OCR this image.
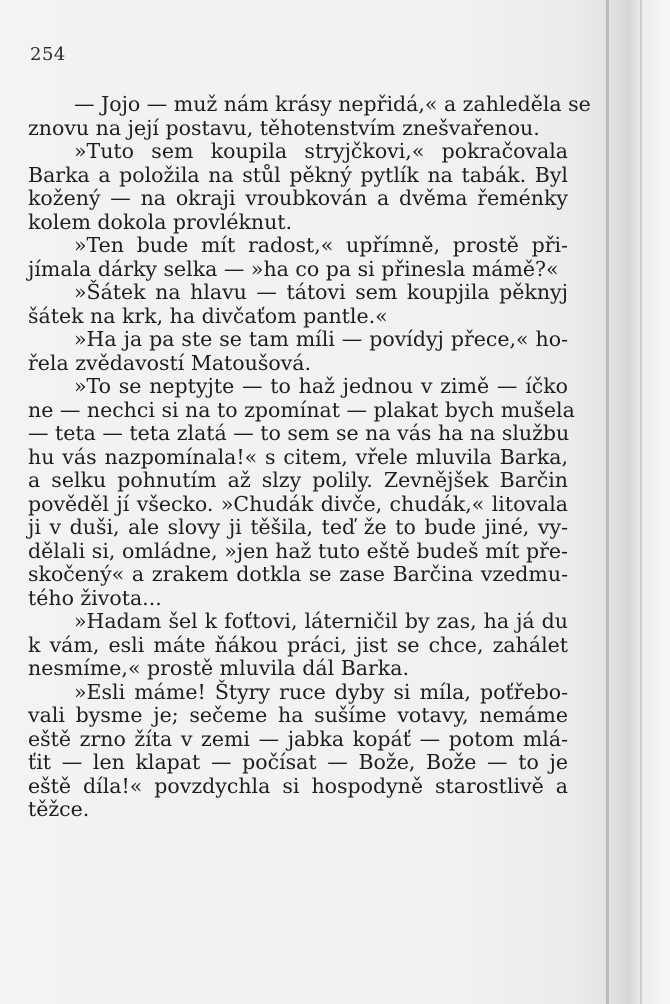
254
— Jojo — muž nám krásy nepřidá,« a zahleděla se
znovu na její postavu, těhotenstvím znešvařenou.
»Tuto sem koupila stryjčkovi,« pokračovala
Barka a položila na stůl pěkný pytlík na tabák. Byl
kožený — na okraji vroubkován a dvěma řeménky
kolem dokola provléknut.
»Ten bude mít radost,« upřímně, prostě při-
jímala dárky selka — »ha co pa si přinesla mámě?«
»Šátek na hlavu — tátovi sem koupjila pěknyj
šátek na krk, ha divčaťom pantle.«
»Ha ja pa ste se tam míli — povídyj přece,« ho-
řela zvědavostí Matoušová.
»To se neptyjte — to haž jednou v zimě — íčko
ne — nechci si na to zpomínat — plakat bych mušela
— teta — teta zlatá — to sem se na vás ha na službu
hu vás nazpomínala!« s citem, vřele mluvila Barka,
a selku pohnutím až slzy polily. Zevnějšek Barčin
pověděl jí všecko. »Chudák divče, chudák,« litovala
ji v duši, ale slovy ji těšila, teď že to bude jiné, vy-
dělali si, omládne, »jen haž tuto eště budeš mít pře-
skočený« a zrakem dotkla se zase Barčina vzedmu-
tého života...
»Hadam šel k foťtovi, láterničil by zas, ha já du
k vám, esli máte ňákou práci, jist se chce, zahálet
nesmíme,« prostě mluvila dál Barka.
»Esli máme! Štyry ruce dyby si míla, poťřebo-
vali bysme je; sečeme ha sušíme votavy, nemáme
eště zrno žíta v zemi — jabka kopáť — potom mlá-
ťit — len klapat — počísat — Bože, Bože — to je
eště díla!« povzdychla si hospodyně starostlivě a
těžce.
